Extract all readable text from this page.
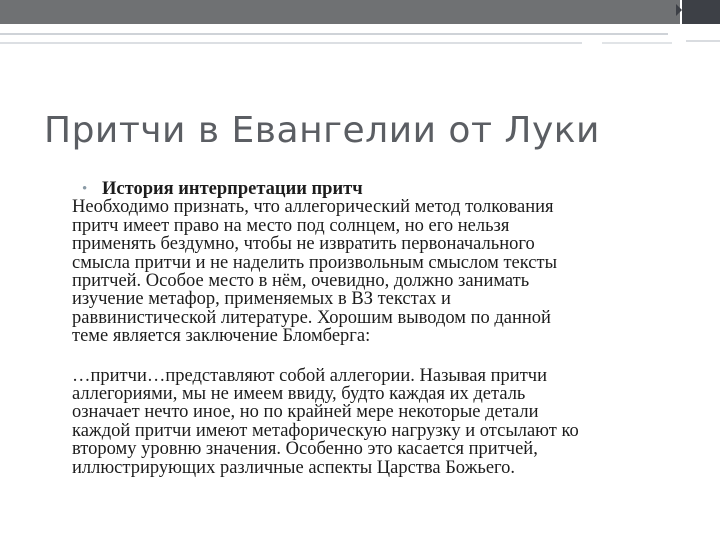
Притчи в Евангелии от Луки
• История интерпретации притч
Необходимо признать, что аллегорический метод толкования
притч имеет право на место под солнцем, но его нельзя
применять бездумно, чтобы не извратить первоначального
смысла притчи и не наделить произвольным смыслом тексты
притчей. Особое место в нём, очевидно, должно занимать
изучение метафор, применяемых в ВЗ текстах и
раввинистической литературе. Хорошим выводом по данной
теме является заключение Бломберга:
…притчи…представляют собой аллегории. Называя притчи
аллегориями, мы не имеем ввиду, будто каждая их деталь
означает нечто иное, но по крайней мере некоторые детали
каждой притчи имеют метафорическую нагрузку и отсылают ко
второму уровню значения. Особенно это касается притчей,
иллюстрирующих различные аспекты Царства Божьего.
